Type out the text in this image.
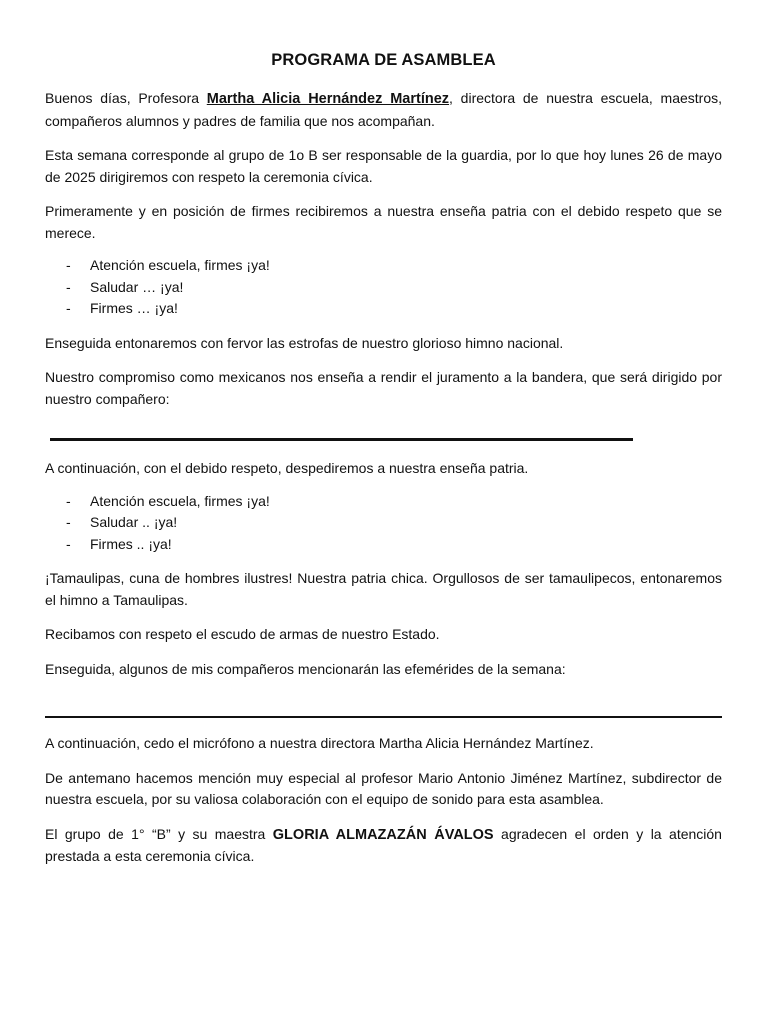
PROGRAMA DE ASAMBLEA

Buenos días, Profesora Martha Alicia Hernández Martínez, directora de nuestra escuela, maestros, compañeros alumnos y padres de familia que nos acompañan.

Esta semana corresponde al grupo de 1o B ser responsable de la guardia, por lo que hoy lunes 26 de mayo de 2025 dirigiremos con respeto la ceremonia cívica.

Primeramente y en posición de firmes recibiremos a nuestra enseña patria con el debido respeto que se merece.

- Atención escuela, firmes ¡ya!
- Saludar … ¡ya!
- Firmes … ¡ya!

Enseguida entonaremos con fervor las estrofas de nuestro glorioso himno nacional.

Nuestro compromiso como mexicanos nos enseña a rendir el juramento a la bandera, que será dirigido por nuestro compañero:

A continuación, con el debido respeto, despediremos a nuestra enseña patria.

- Atención escuela, firmes ¡ya!
- Saludar .. ¡ya!
- Firmes .. ¡ya!

¡Tamaulipas, cuna de hombres ilustres! Nuestra patria chica. Orgullosos de ser tamaulipecos, entonaremos el himno a Tamaulipas.

Recibamos con respeto el escudo de armas de nuestro Estado.

Enseguida, algunos de mis compañeros mencionarán las efemérides de la semana:

A continuación, cedo el micrófono a nuestra directora Martha Alicia Hernández Martínez.

De antemano hacemos mención muy especial al profesor Mario Antonio Jiménez Martínez, subdirector de nuestra escuela, por su valiosa colaboración con el equipo de sonido para esta asamblea.

El grupo de 1° “B” y su maestra GLORIA ALMAZAZÁN ÁVALOS agradecen el orden y la atención prestada a esta ceremonia cívica.
